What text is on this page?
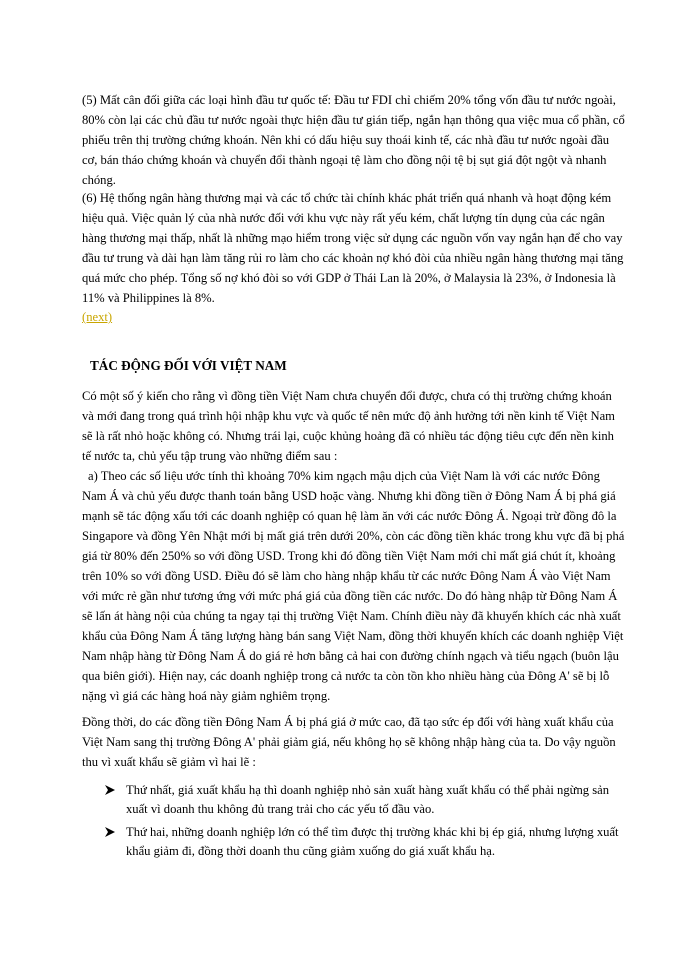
(5) Mất cân đối giữa các loại hình đầu tư quốc tế: Đầu tư FDI chỉ chiếm 20% tổng vốn đầu tư nước ngoài, 80% còn lại các chủ đầu tư nước ngoài thực hiện đầu tư gián tiếp, ngắn hạn thông qua việc mua cổ phần, cổ phiếu trên thị trường chứng khoán. Nên khi có dấu hiệu suy thoái kinh tế, các nhà đầu tư nước ngoài đầu cơ, bán tháo chứng khoán và chuyển đổi thành ngoại tệ làm cho đồng nội tệ bị sụt giá đột ngột và nhanh chóng.

(6) Hệ thống ngân hàng thương mại và các tổ chức tài chính khác phát triển quá nhanh và hoạt động kém hiệu quả. Việc quản lý của nhà nước đối với khu vực này rất yếu kém, chất lượng tín dụng của các ngân hàng thương mại thấp, nhất là những mạo hiểm trong việc sử dụng các nguồn vốn vay ngắn hạn để cho vay đầu tư trung và dài hạn làm tăng rủi ro làm cho các khoản nợ khó đòi của nhiều ngân hàng thương mại tăng quá mức cho phép. Tổng số nợ khó đòi so với GDP ở Thái Lan là 20%, ở Malaysia là 23%, ở Indonesia là 11% và Philippines là 8%.

(next)
TÁC ĐỘNG ĐỐI VỚI VIỆT NAM

Có một số ý kiến cho rằng vì đồng tiền Việt Nam chưa chuyển đổi được, chưa có thị trường chứng khoán và mới đang trong quá trình hội nhập khu vực và quốc tế nên mức độ ảnh hưởng tới nền kinh tế Việt Nam sẽ là rất nhỏ hoặc không có. Nhưng trái lại, cuộc khủng hoảng đã có nhiều tác động tiêu cực đến nền kinh tế nước ta, chủ yếu tập trung vào những điểm sau :

a) Theo các số liệu ước tính thì khoảng 70% kim ngạch mậu dịch của Việt Nam là với các nước Đông Nam Á và chủ yếu được thanh toán bằng USD hoặc vàng. Nhưng khi đồng tiền ở Đông Nam Á bị phá giá mạnh sẽ tác động xấu tới các doanh nghiệp có quan hệ làm ăn với các nước Đông Á. Ngoại trừ đồng đô la Singapore và đồng Yên Nhật mới bị mất giá trên dưới 20%, còn các đồng tiền khác trong khu vực đã bị phá giá từ 80% đến 250% so với đồng USD. Trong khi đó đồng tiền Việt Nam mới chỉ mất giá chút ít, khoảng trên 10% so với đồng USD. Điều đó sẽ làm cho hàng nhập khẩu từ các nước Đông Nam Á vào Việt Nam với mức rẻ gần như tương ứng với mức phá giá của đồng tiền các nước. Do đó hàng nhập từ Đông Nam Á sẽ lấn át hàng nội của chúng ta ngay tại thị trường Việt Nam. Chính điều này đã khuyến khích các nhà xuất khẩu của Đông Nam Á tăng lượng hàng bán sang Việt Nam, đồng thời khuyến khích các doanh nghiệp Việt Nam nhập hàng từ Đông Nam Á do giá rẻ hơn bằng cả hai con đường chính ngạch và tiểu ngạch (buôn lậu qua biên giới). Hiện nay, các doanh nghiệp trong cả nước ta còn tồn kho nhiều hàng của Đông A' sẽ bị lỗ nặng vì giá các hàng hoá này giảm nghiêm trọng.

Đồng thời, do các đồng tiền Đông Nam Á bị phá giá ở mức cao, đã tạo sức ép đối với hàng xuất khẩu của Việt Nam sang thị trường Đông A' phải giảm giá, nếu không họ sẽ không nhập hàng của ta. Do vậy nguồn thu vì xuất khẩu sẽ giảm vì hai lẽ :

Thứ nhất, giá xuất khẩu hạ thì doanh nghiệp nhỏ sản xuất hàng xuất khẩu có thể phải ngừng sản xuất vì doanh thu không đủ trang trải cho các yếu tố đầu vào.
Thứ hai, những doanh nghiệp lớn có thể tìm được thị trường khác khi bị ép giá, nhưng lượng xuất khẩu giảm đi, đồng thời doanh thu cũng giảm xuống do giá xuất khẩu hạ.
